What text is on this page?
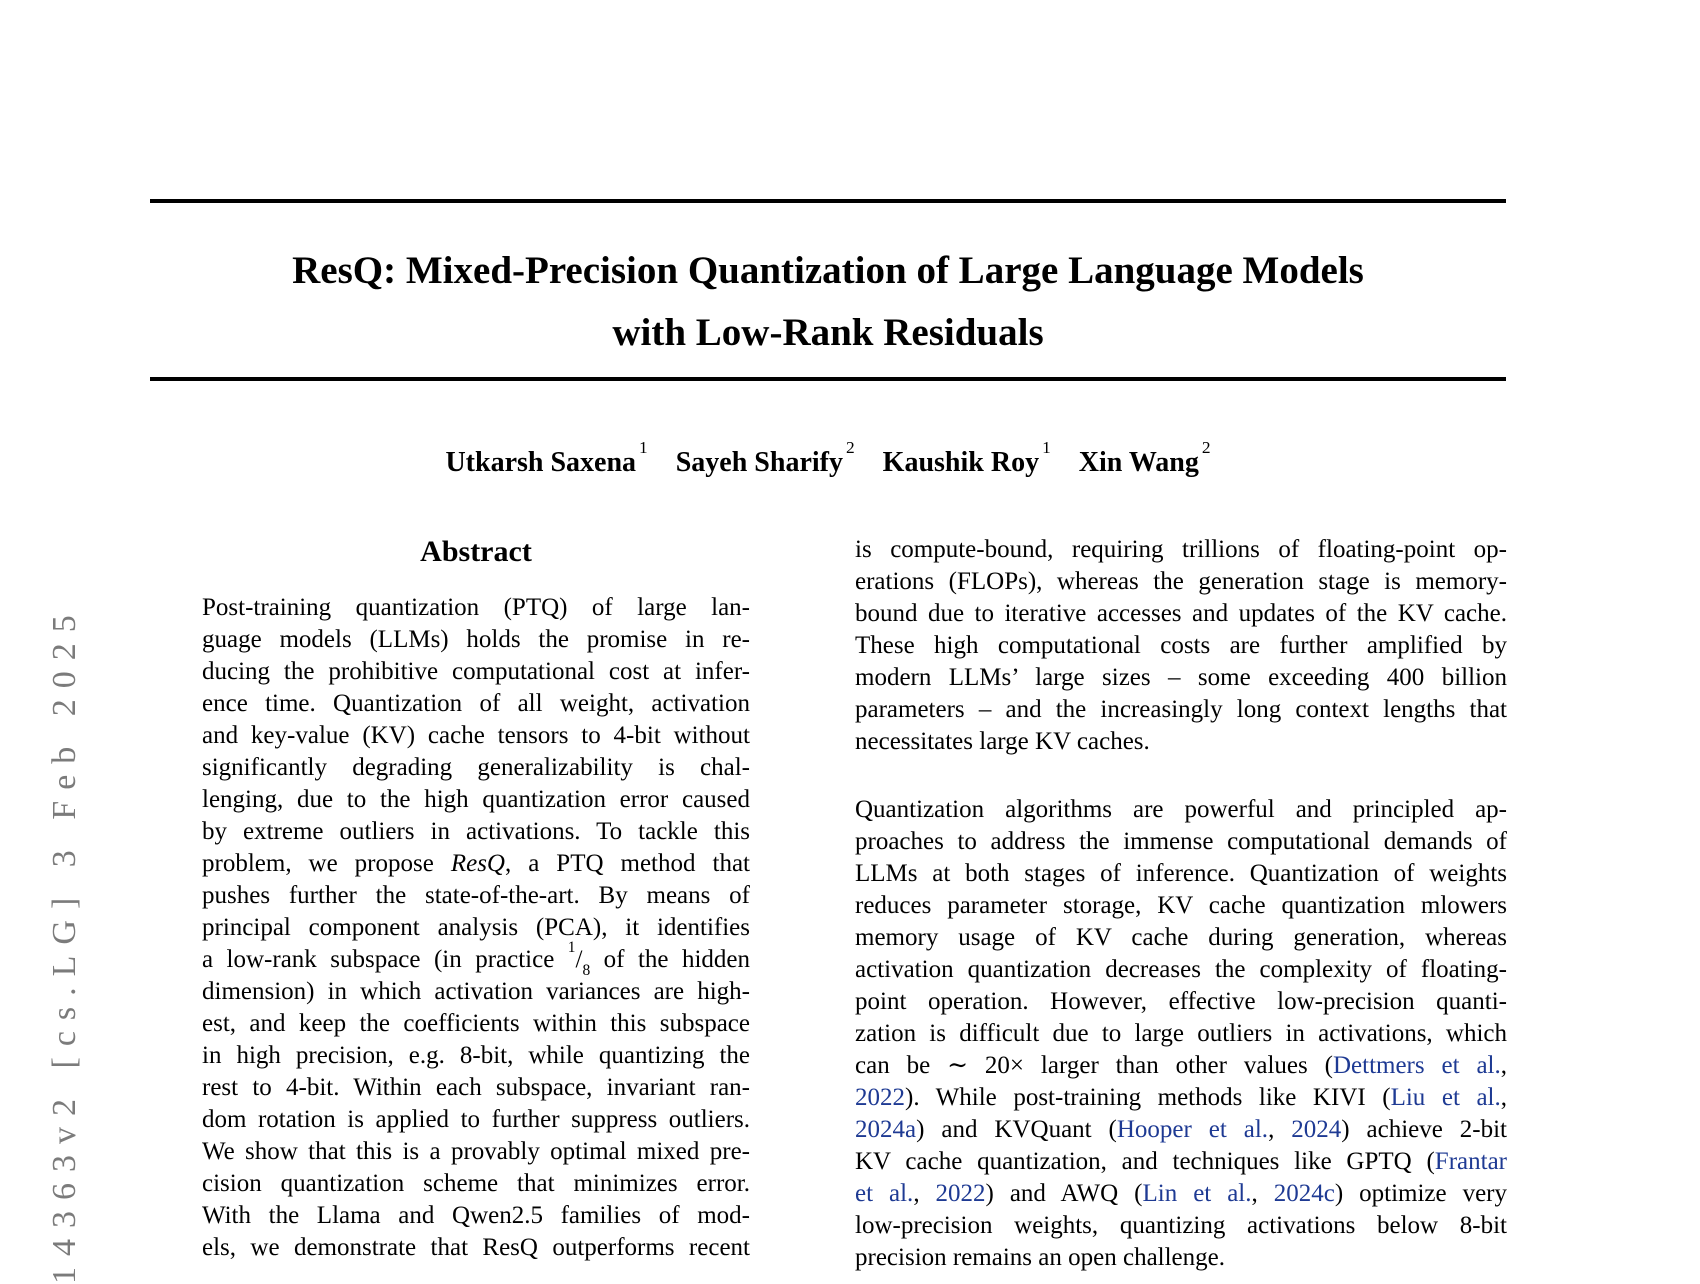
14363v2 [cs.LG] 3 Feb 2025
ResQ: Mixed-Precision Quantization of Large Language Models
with Low-Rank Residuals
Utkarsh Saxena $^1$ Sayeh Sharify $^2$ Kaushik Roy $^1$ Xin Wang $^2$
Abstract
Post-training quantization (PTQ) of large lan-
guage models (LLMs) holds the promise in re-
ducing the prohibitive computational cost at infer-
ence time. Quantization of all weight, activation
and key-value (KV) cache tensors to 4-bit without
significantly degrading generalizability is chal-
lenging, due to the high quantization error caused
by extreme outliers in activations. To tackle this
problem, we propose ResQ, a PTQ method that
pushes further the state-of-the-art. By means of
principal component analysis (PCA), it identifies
a low-rank subspace (in practice $^1/_8$ of the hidden
dimension) in which activation variances are high-
est, and keep the coefficients within this subspace
in high precision, e.g. 8-bit, while quantizing the
rest to 4-bit. Within each subspace, invariant ran-
dom rotation is applied to further suppress outliers.
We show that this is a provably optimal mixed pre-
cision quantization scheme that minimizes error.
With the Llama and Qwen2.5 families of mod-
els, we demonstrate that ResQ outperforms recent
is compute-bound, requiring trillions of floating-point op-
erations (FLOPs), whereas the generation stage is memory-
bound due to iterative accesses and updates of the KV cache.
These high computational costs are further amplified by
modern LLMs’ large sizes – some exceeding 400 billion
parameters – and the increasingly long context lengths that
necessitates large KV caches.
Quantization algorithms are powerful and principled ap-
proaches to address the immense computational demands of
LLMs at both stages of inference. Quantization of weights
reduces parameter storage, KV cache quantization mlowers
memory usage of KV cache during generation, whereas
activation quantization decreases the complexity of floating-
point operation. However, effective low-precision quanti-
zation is difficult due to large outliers in activations, which
can be ∼ 20× larger than other values (Dettmers et al.,
2022). While post-training methods like KIVI (Liu et al.,
2024a) and KVQuant (Hooper et al., 2024) achieve 2-bit
KV cache quantization, and techniques like GPTQ (Frantar
et al., 2022) and AWQ (Lin et al., 2024c) optimize very
low-precision weights, quantizing activations below 8-bit
precision remains an open challenge.
